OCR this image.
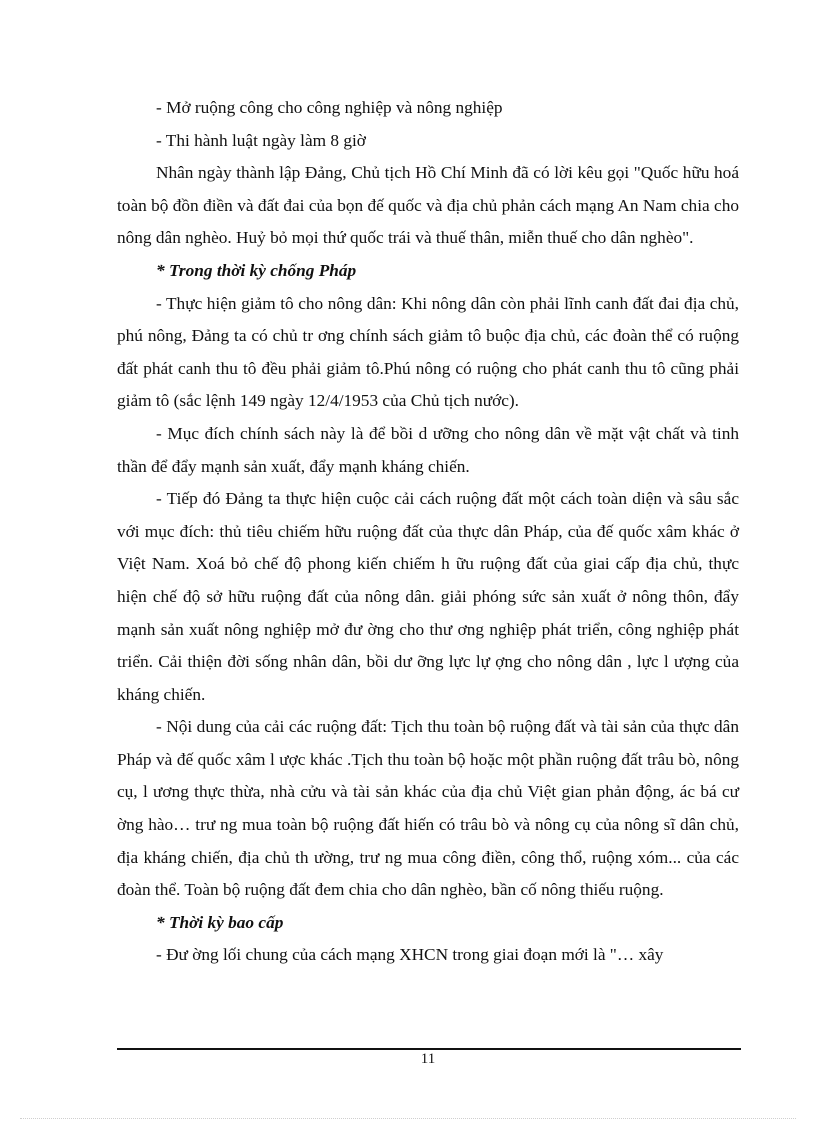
- Mở ruộng công cho công nghiệp và nông nghiệp

- Thi hành luật ngày làm 8 giờ

Nhân ngày thành lập Đảng, Chủ tịch Hồ Chí Minh đã có lời kêu gọi "Quốc hữu hoá toàn bộ đồn điền và đất đai của bọn đế quốc và địa chủ phản cách mạng An Nam chia cho nông dân nghèo. Huỷ bỏ mọi thứ quốc trái và thuế thân, miễn thuế cho dân nghèo".

* Trong thời kỳ chống Pháp

- Thực hiện giảm tô cho nông dân: Khi nông dân còn phải lĩnh canh đất đai địa chủ, phú nông, Đảng ta có chủ tr ơng chính sách giảm tô buộc địa chủ, các đoàn thể có ruộng đất phát canh thu tô đều phải giảm tô.Phú nông có ruộng cho phát canh thu tô cũng phải giảm tô (sắc lệnh 149 ngày 12/4/1953 của Chủ tịch nước).

- Mục đích chính sách này là để bồi d ưỡng cho nông dân về mặt vật chất và tinh thần để đẩy mạnh sản xuất, đẩy mạnh kháng chiến.

- Tiếp đó Đảng ta thực hiện cuộc cải cách ruộng đất một cách toàn diện và sâu sắc với mục đích: thủ tiêu chiếm hữu ruộng đất của thực dân Pháp, của đế quốc xâm khác ở Việt Nam. Xoá bỏ chế độ phong kiến chiếm h ữu ruộng đất của giai cấp địa chủ, thực hiện chế độ sở hữu ruộng đất của nông dân. giải phóng sức sản xuất ở nông thôn, đẩy mạnh sản xuất nông nghiệp mở đư ờng cho thư ơng nghiệp phát triển, công nghiệp phát triển. Cải thiện đời sống nhân dân, bồi dư ỡng lực lự ợng cho nông dân , lực l ượng của kháng chiến.

- Nội dung của cải các ruộng đất: Tịch thu toàn bộ ruộng đất và tài sản của thực dân Pháp và đế quốc xâm l ược khác .Tịch thu toàn bộ hoặc một phần ruộng đất trâu bò, nông cụ, l ương thực thừa, nhà cửu và tài sản khác của địa chủ Việt gian phản động, ác bá cư ờng hào… trư ng mua toàn bộ ruộng đất hiến có trâu bò và nông cụ của nông sĩ dân chủ, địa kháng chiến, địa chủ th ường, trư ng mua công điền, công thổ, ruộng xóm... của các đoàn thể. Toàn bộ ruộng đất đem chia cho dân nghèo, bần cố nông thiếu ruộng.

* Thời kỳ bao cấp

- Đư ờng lối chung của cách mạng XHCN trong giai đoạn mới là "… xây

11
